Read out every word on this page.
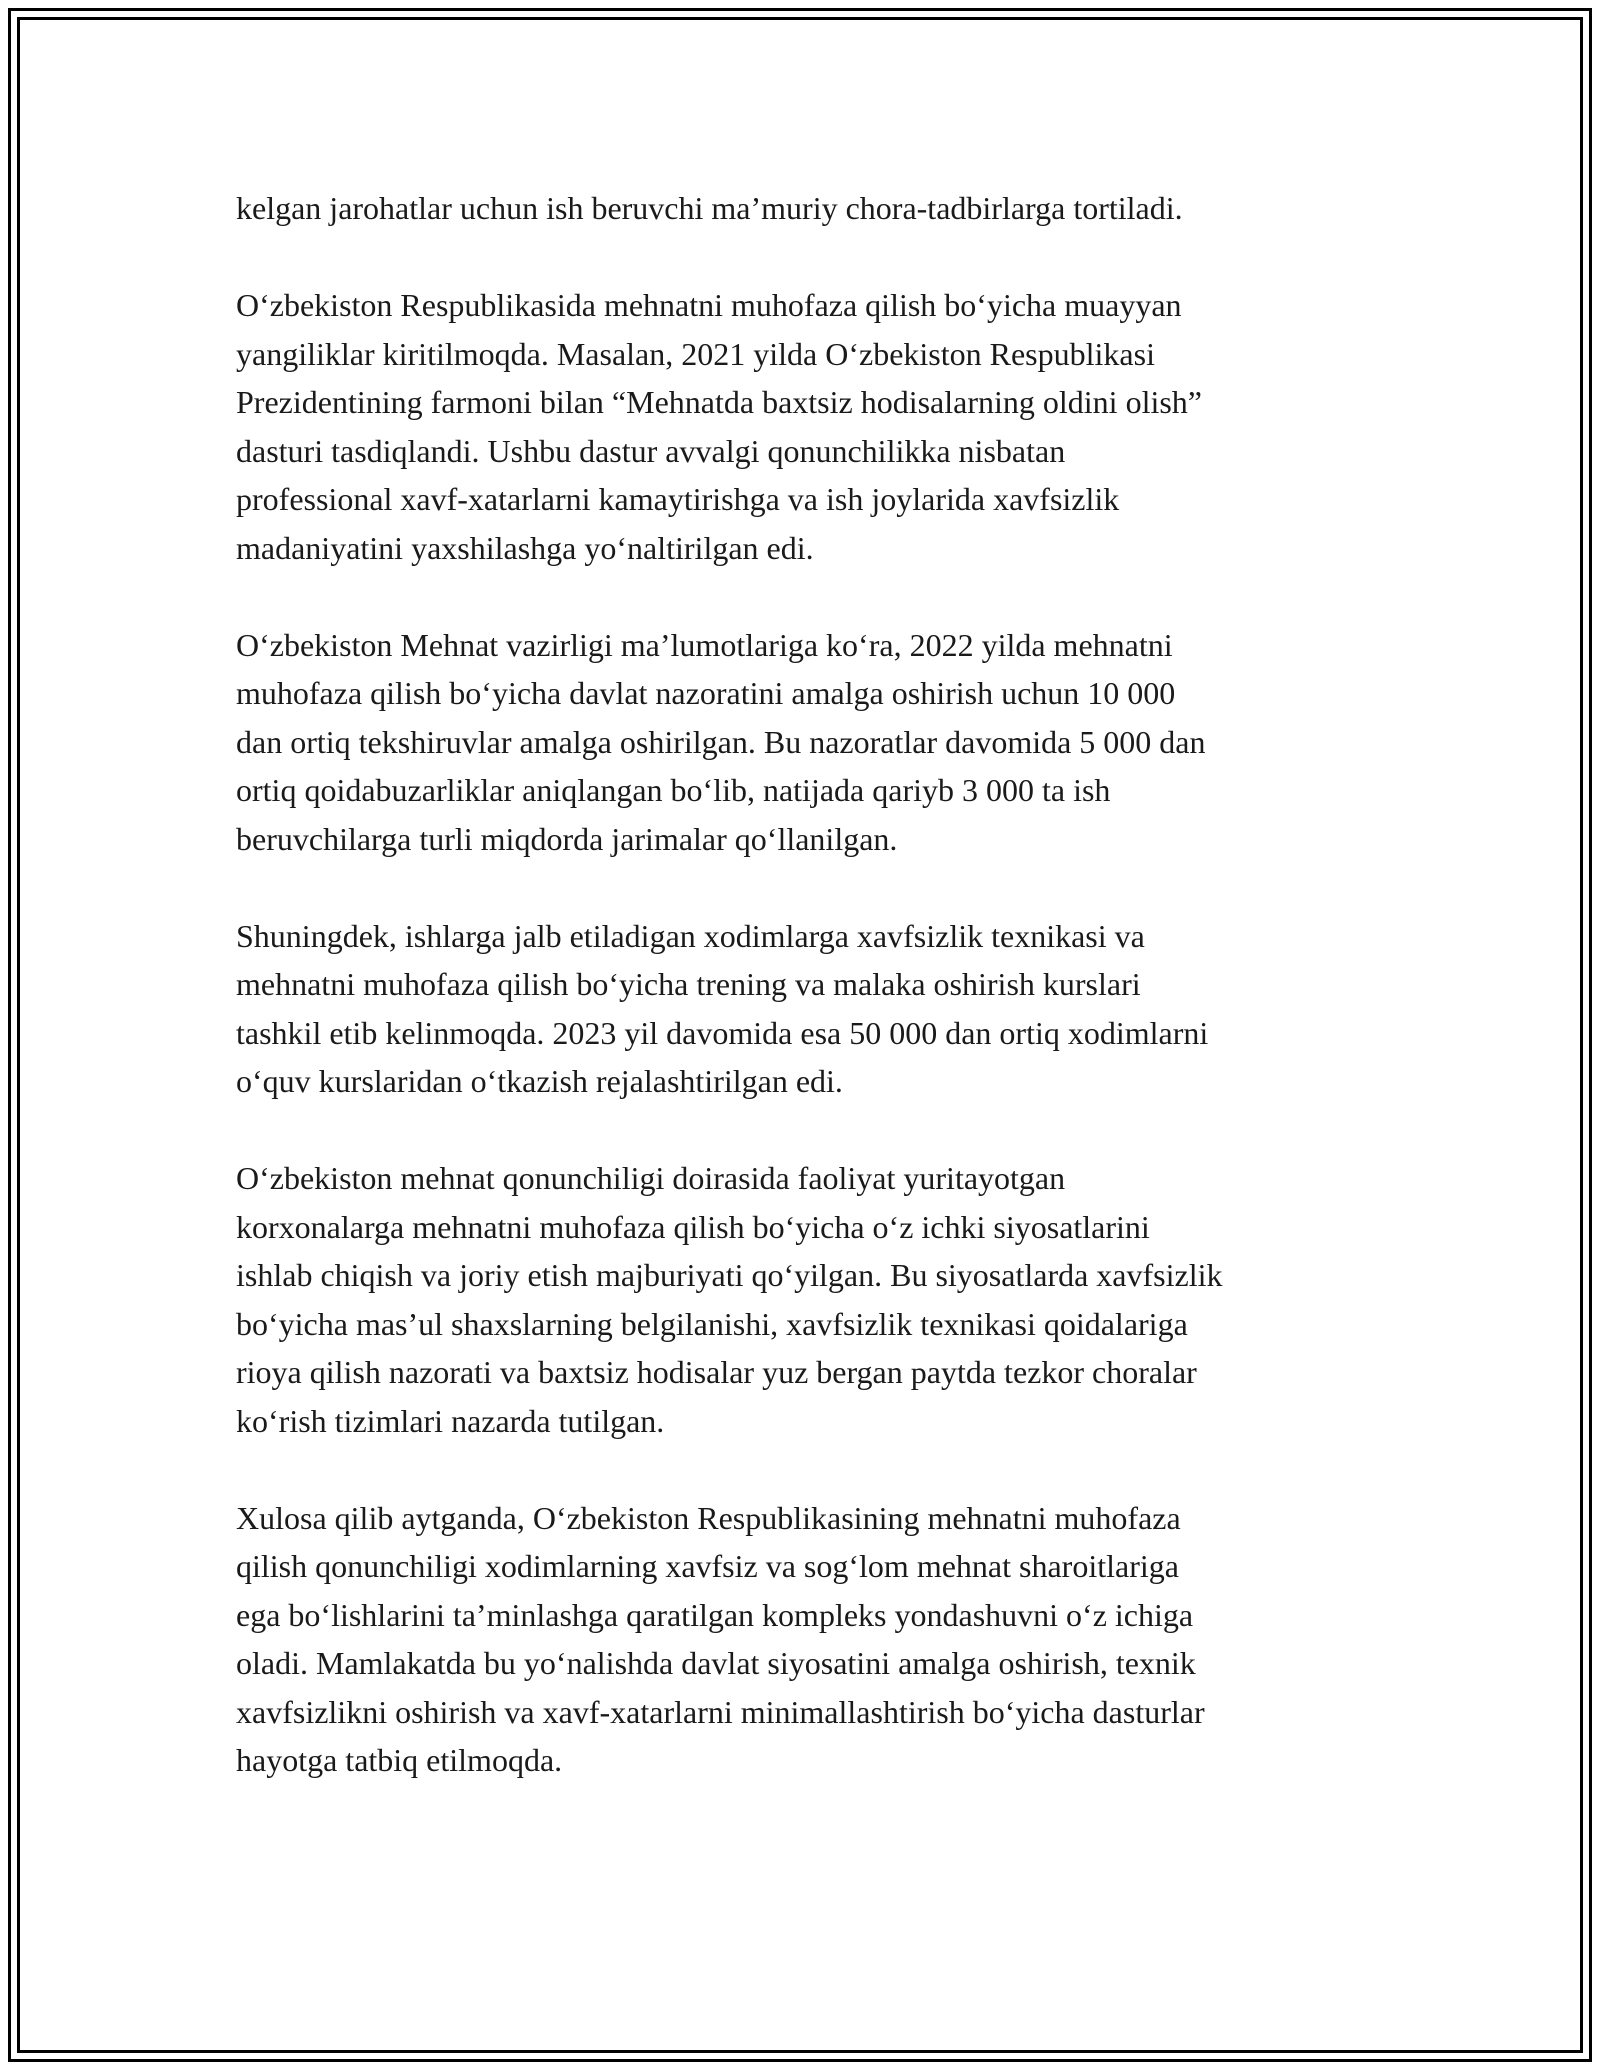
kelgan jarohatlar uchun ish beruvchi ma’muriy chora-tadbirlarga tortiladi.

O‘zbekiston Respublikasida mehnatni muhofaza qilish bo‘yicha muayyan
yangiliklar kiritilmoqda. Masalan, 2021 yilda O‘zbekiston Respublikasi
Prezidentining farmoni bilan “Mehnatda baxtsiz hodisalarning oldini olish”
dasturi tasdiqlandi. Ushbu dastur avvalgi qonunchilikka nisbatan
professional xavf-xatarlarni kamaytirishga va ish joylarida xavfsizlik
madaniyatini yaxshilashga yo‘naltirilgan edi.

O‘zbekiston Mehnat vazirligi ma’lumotlariga ko‘ra, 2022 yilda mehnatni
muhofaza qilish bo‘yicha davlat nazoratini amalga oshirish uchun 10 000
dan ortiq tekshiruvlar amalga oshirilgan. Bu nazoratlar davomida 5 000 dan
ortiq qoidabuzarliklar aniqlangan bo‘lib, natijada qariyb 3 000 ta ish
beruvchilarga turli miqdorda jarimalar qo‘llanilgan.

Shuningdek, ishlarga jalb etiladigan xodimlarga xavfsizlik texnikasi va
mehnatni muhofaza qilish bo‘yicha trening va malaka oshirish kurslari
tashkil etib kelinmoqda. 2023 yil davomida esa 50 000 dan ortiq xodimlarni
o‘quv kurslaridan o‘tkazish rejalashtirilgan edi.

O‘zbekiston mehnat qonunchiligi doirasida faoliyat yuritayotgan
korxonalarga mehnatni muhofaza qilish bo‘yicha o‘z ichki siyosatlarini
ishlab chiqish va joriy etish majburiyati qo‘yilgan. Bu siyosatlarda xavfsizlik
bo‘yicha mas’ul shaxslarning belgilanishi, xavfsizlik texnikasi qoidalariga
rioya qilish nazorati va baxtsiz hodisalar yuz bergan paytda tezkor choralar
ko‘rish tizimlari nazarda tutilgan.

Xulosa qilib aytganda, O‘zbekiston Respublikasining mehnatni muhofaza
qilish qonunchiligi xodimlarning xavfsiz va sog‘lom mehnat sharoitlariga
ega bo‘lishlarini ta’minlashga qaratilgan kompleks yondashuvni o‘z ichiga
oladi. Mamlakatda bu yo‘nalishda davlat siyosatini amalga oshirish, texnik
xavfsizlikni oshirish va xavf-xatarlarni minimallashtirish bo‘yicha dasturlar
hayotga tatbiq etilmoqda.
